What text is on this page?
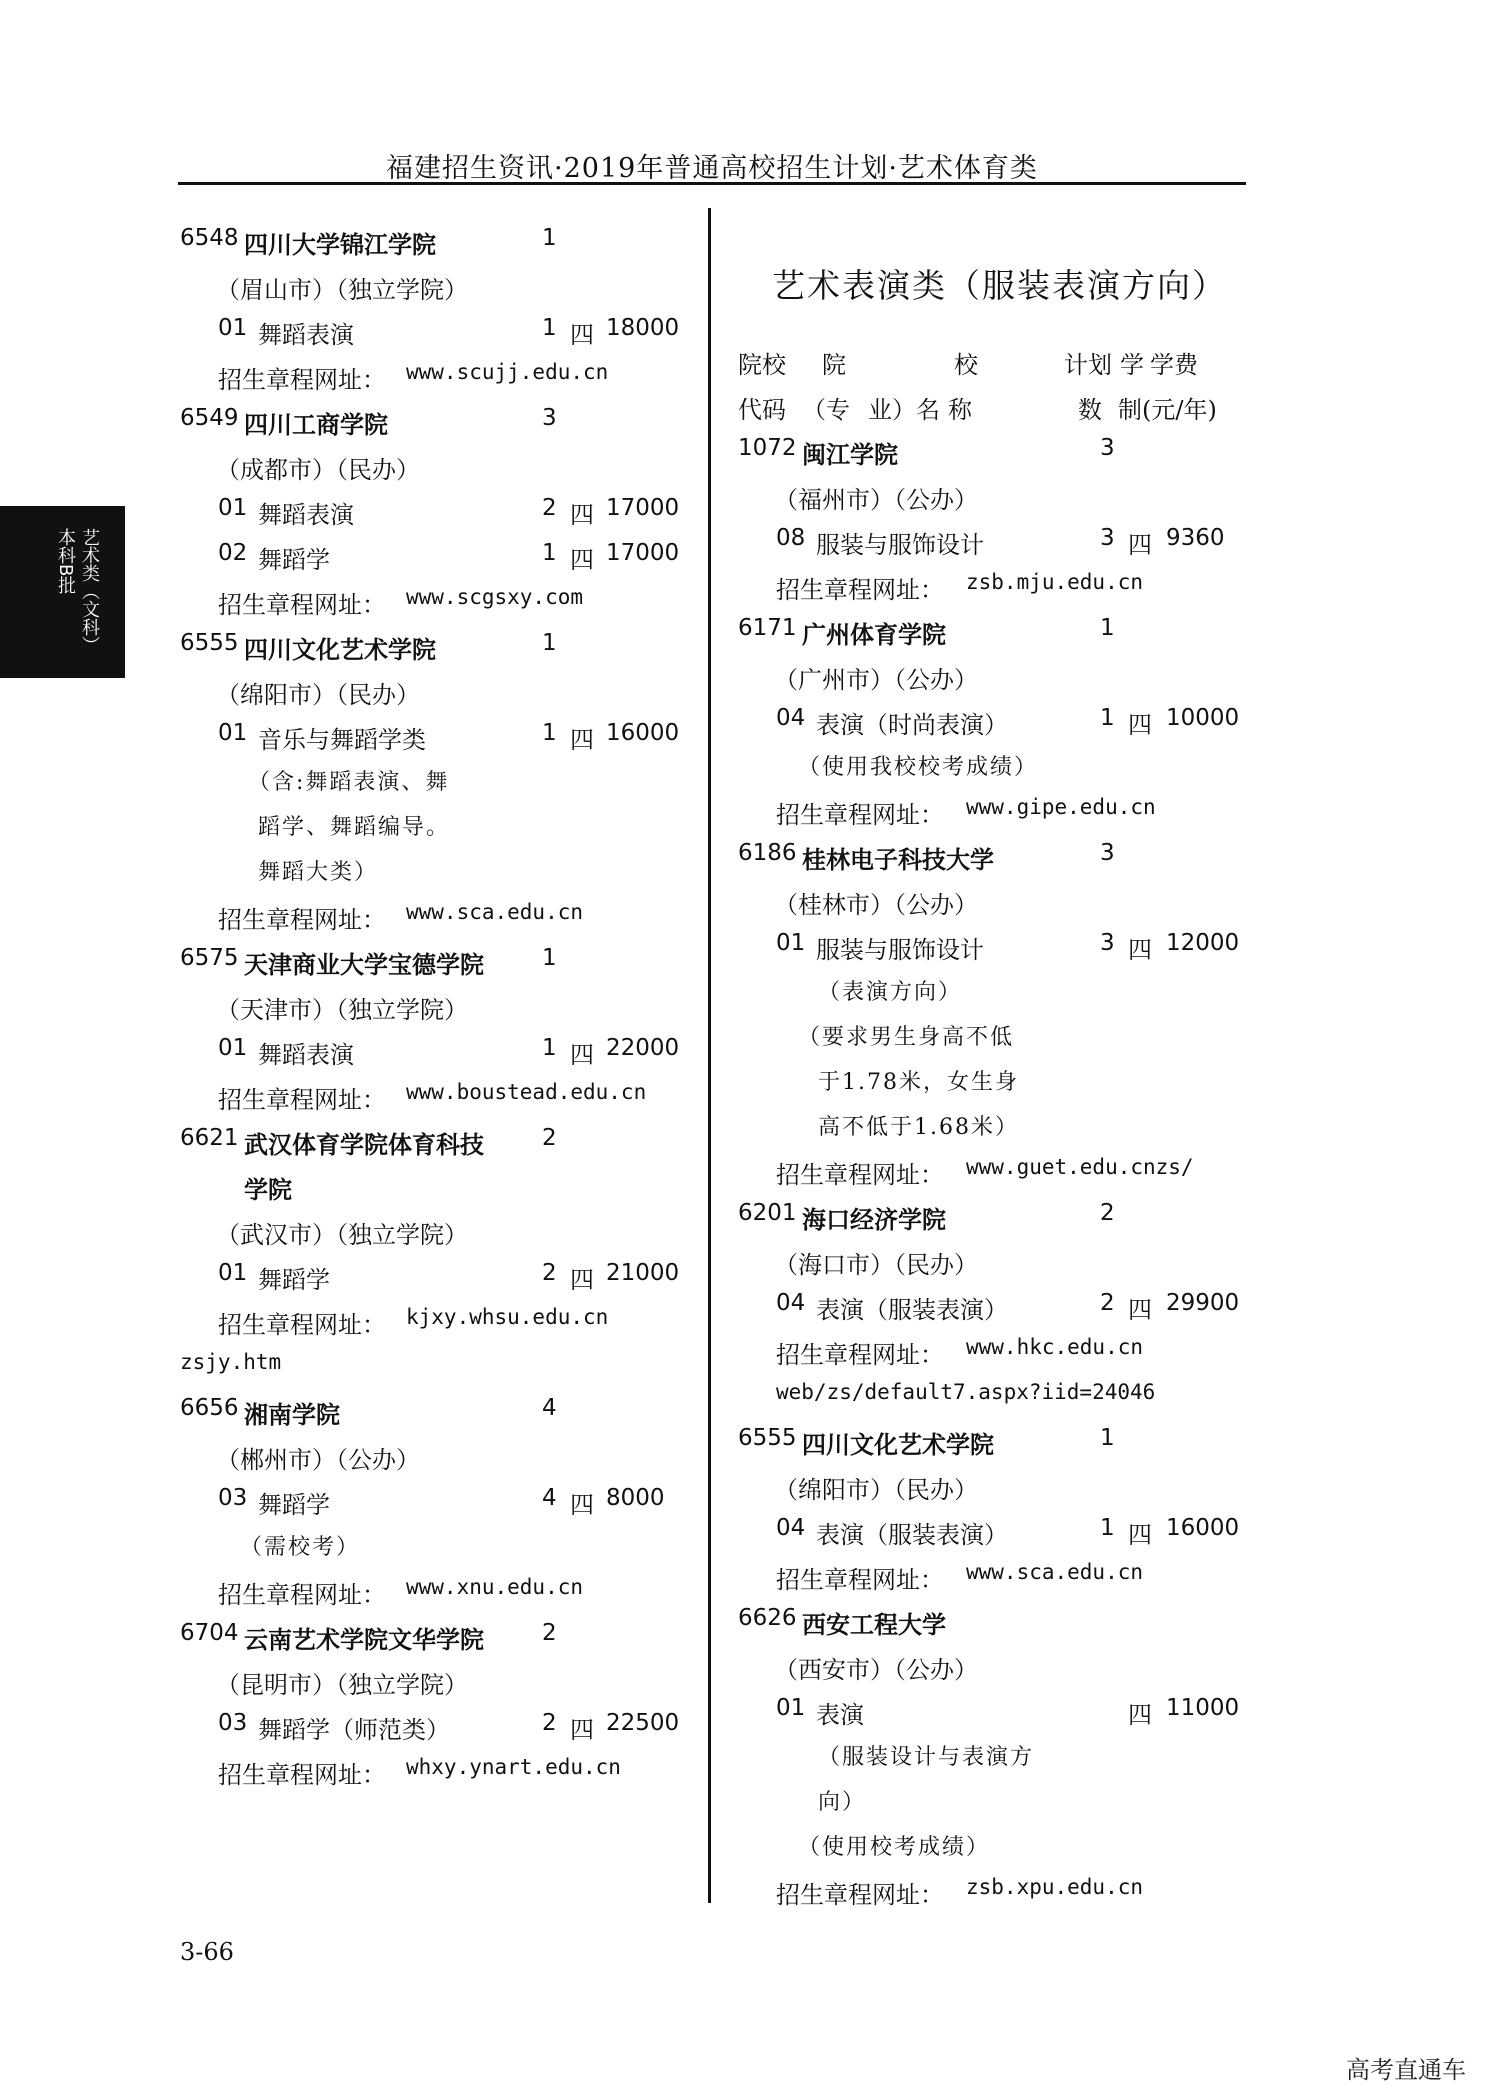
福建招生资讯·2019年普通高校招生计划·艺术体育类
艺术类（文科）
本科B批
6548 四川大学锦江学院	1
（眉山市）（独立学院）
01 舞蹈表演	1 四 18000
招生章程网址： www.scujj.edu.cn
6549 四川工商学院	3
（成都市）（民办）
01 舞蹈表演	2 四 17000
02 舞蹈学	1 四 17000
招生章程网址： www.scgsxy.com
6555 四川文化艺术学院	1
（绵阳市）（民办）
01 音乐与舞蹈学类	1 四 16000
（含:舞蹈表演、舞
蹈学、舞蹈编导。
舞蹈大类）
招生章程网址： www.sca.edu.cn
6575 天津商业大学宝德学院	1
（天津市）（独立学院）
01 舞蹈表演	1 四 22000
招生章程网址： www.boustead.edu.cn
6621 武汉体育学院体育科技	2
学院
（武汉市）（独立学院）
01 舞蹈学	2 四 21000
招生章程网址： kjxy.whsu.edu.cn
zsjy.htm
6656 湘南学院	4
（郴州市）（公办）
03 舞蹈学	4 四 8000
（需校考）
招生章程网址： www.xnu.edu.cn
6704 云南艺术学院文华学院	2
（昆明市）（独立学院）
03 舞蹈学（师范类）	2 四 22500
招生章程网址： whxy.ynart.edu.cn
艺术表演类（服装表演方向）
院校 院	校	计划 学 学费
代码 （专 业）名 称	数 制(元/年)
1072 闽江学院	3
（福州市）（公办）
08 服装与服饰设计	3 四 9360
招生章程网址： zsb.mju.edu.cn
6171 广州体育学院	1
（广州市）（公办）
04 表演（时尚表演）	1 四 10000
（使用我校校考成绩）
招生章程网址： www.gipe.edu.cn
6186 桂林电子科技大学	3
（桂林市）（公办）
01 服装与服饰设计	3 四 12000
（表演方向）
（要求男生身高不低
于1.78米，女生身
高不低于1.68米）
招生章程网址： www.guet.edu.cnzs/
6201 海口经济学院	2
（海口市）（民办）
04 表演（服装表演）	2 四 29900
招生章程网址： www.hkc.edu.cn
web/zs/default7.aspx?iid=24046
6555 四川文化艺术学院	1
（绵阳市）（民办）
04 表演（服装表演）	1 四 16000
招生章程网址： www.sca.edu.cn
6626 西安工程大学
（西安市）（公办）
01 表演	四 11000
（服装设计与表演方
向）
（使用校考成绩）
招生章程网址： zsb.xpu.edu.cn
3-66
高考直通车
